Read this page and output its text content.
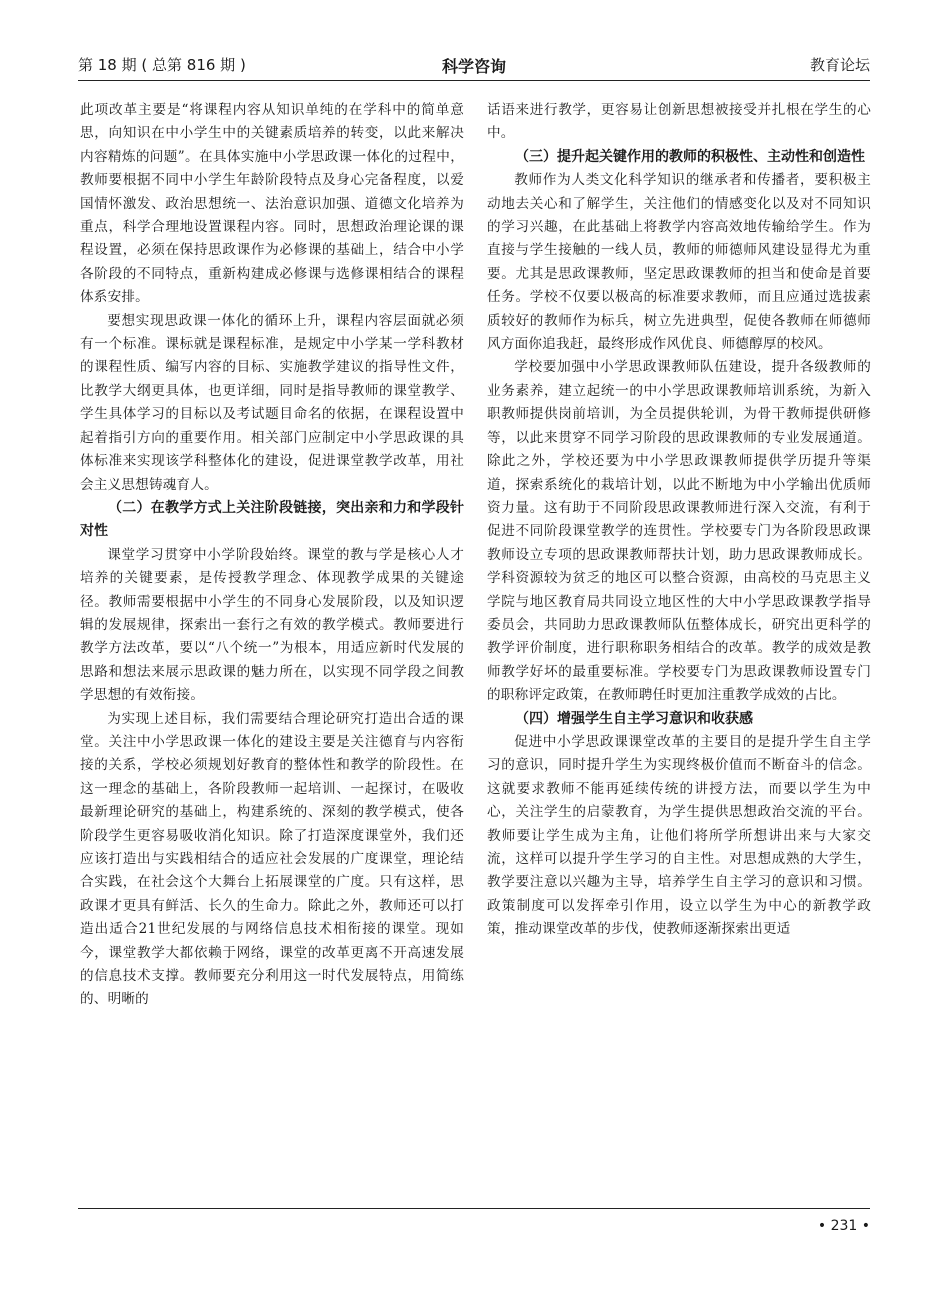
第 18 期 ( 总第 816 期 )	科学咨询	教育论坛

此项改革主要是“将课程内容从知识单纯的在学科中的简单意思，向知识在中小学生中的关键素质培养的转变，以此来解决内容精炼的问题”。在具体实施中小学思政课一体化的过程中，教师要根据不同中小学生年龄阶段特点及身心完备程度，以爱国情怀激发、政治思想统一、法治意识加强、道德文化培养为重点，科学合理地设置课程内容。同时，思想政治理论课的课程设置，必须在保持思政课作为必修课的基础上，结合中小学各阶段的不同特点，重新构建成必修课与选修课相结合的课程体系安排。

要想实现思政课一体化的循环上升，课程内容层面就必须有一个标准。课标就是课程标准，是规定中小学某一学科教材的课程性质、编写内容的目标、实施教学建议的指导性文件，比教学大纲更具体，也更详细，同时是指导教师的课堂教学、学生具体学习的目标以及考试题目命名的依据，在课程设置中起着指引方向的重要作用。相关部门应制定中小学思政课的具体标准来实现该学科整体化的建设，促进课堂教学改革，用社会主义思想铸魂育人。

（二）在教学方式上关注阶段链接，突出亲和力和学段针对性

课堂学习贯穿中小学阶段始终。课堂的教与学是核心人才培养的关键要素，是传授教学理念、体现教学成果的关键途径。教师需要根据中小学生的不同身心发展阶段，以及知识逻辑的发展规律，探索出一套行之有效的教学模式。教师要进行教学方法改革，要以“八个统一”为根本，用适应新时代发展的思路和想法来展示思政课的魅力所在，以实现不同学段之间教学思想的有效衔接。

为实现上述目标，我们需要结合理论研究打造出合适的课堂。关注中小学思政课一体化的建设主要是关注德育与内容衔接的关系，学校必须规划好教育的整体性和教学的阶段性。在这一理念的基础上，各阶段教师一起培训、一起探讨，在吸收最新理论研究的基础上，构建系统的、深刻的教学模式，使各阶段学生更容易吸收消化知识。除了打造深度课堂外，我们还应该打造出与实践相结合的适应社会发展的广度课堂，理论结合实践，在社会这个大舞台上拓展课堂的广度。只有这样，思政课才更具有鲜活、长久的生命力。除此之外，教师还可以打造出适合21世纪发展的与网络信息技术相衔接的课堂。现如今，课堂教学大都依赖于网络，课堂的改革更离不开高速发展的信息技术支撑。教师要充分利用这一时代发展特点，用简练的、明晰的

话语来进行教学，更容易让创新思想被接受并扎根在学生的心中。

（三）提升起关键作用的教师的积极性、主动性和创造性

教师作为人类文化科学知识的继承者和传播者，要积极主动地去关心和了解学生，关注他们的情感变化以及对不同知识的学习兴趣，在此基础上将教学内容高效地传输给学生。作为直接与学生接触的一线人员，教师的师德师风建设显得尤为重要。尤其是思政课教师，坚定思政课教师的担当和使命是首要任务。学校不仅要以极高的标准要求教师，而且应通过选拔素质较好的教师作为标兵，树立先进典型，促使各教师在师德师风方面你追我赶，最终形成作风优良、师德醇厚的校风。

学校要加强中小学思政课教师队伍建设，提升各级教师的业务素养，建立起统一的中小学思政课教师培训系统，为新入职教师提供岗前培训，为全员提供轮训，为骨干教师提供研修等，以此来贯穿不同学习阶段的思政课教师的专业发展通道。除此之外，学校还要为中小学思政课教师提供学历提升等渠道，探索系统化的栽培计划，以此不断地为中小学输出优质师资力量。这有助于不同阶段思政课教师进行深入交流，有利于促进不同阶段课堂教学的连贯性。学校要专门为各阶段思政课教师设立专项的思政课教师帮扶计划，助力思政课教师成长。学科资源较为贫乏的地区可以整合资源，由高校的马克思主义学院与地区教育局共同设立地区性的大中小学思政课教学指导委员会，共同助力思政课教师队伍整体成长，研究出更科学的教学评价制度，进行职称职务相结合的改革。教学的成效是教师教学好坏的最重要标准。学校要专门为思政课教师设置专门的职称评定政策，在教师聘任时更加注重教学成效的占比。

（四）增强学生自主学习意识和收获感

促进中小学思政课课堂改革的主要目的是提升学生自主学习的意识，同时提升学生为实现终极价值而不断奋斗的信念。这就要求教师不能再延续传统的讲授方法，而要以学生为中心，关注学生的启蒙教育，为学生提供思想政治交流的平台。教师要让学生成为主角，让他们将所学所想讲出来与大家交流，这样可以提升学生学习的自主性。对思想成熟的大学生，教学要注意以兴趣为主导，培养学生自主学习的意识和习惯。政策制度可以发挥牵引作用，设立以学生为中心的新教学政策，推动课堂改革的步伐，使教师逐渐探索出更适

• 231 •
